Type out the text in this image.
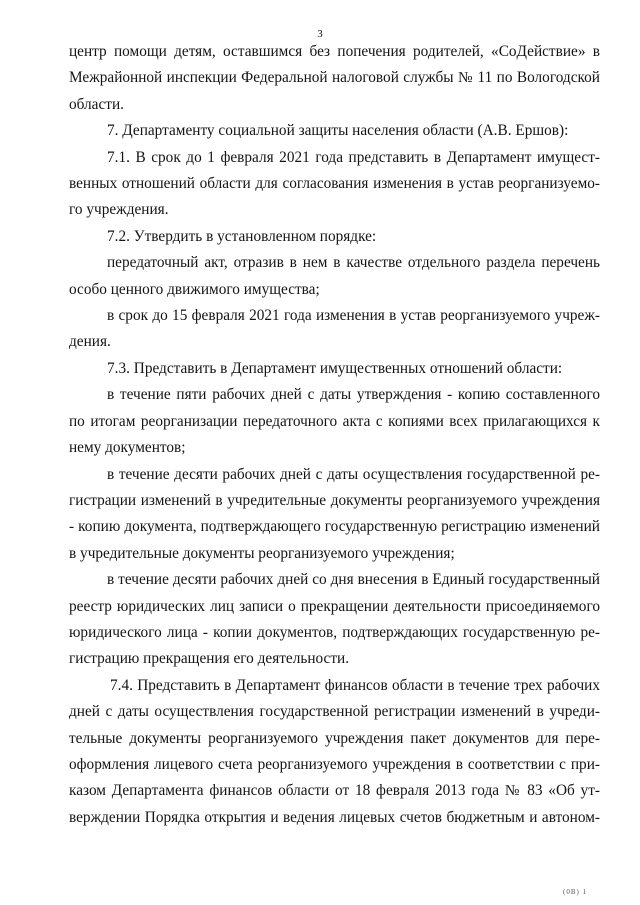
3
центр помощи детям, оставшимся без попечения родителей, «СоДействие» в
Межрайонной инспекции Федеральной налоговой службы № 11 по Вологодской
области.
7. Департаменту социальной защиты населения области (А.В. Ершов):
7.1. В срок до 1 февраля 2021 года представить в Департамент имущест-
венных отношений области для согласования изменения в устав реорганизуемо-
го учреждения.
7.2. Утвердить в установленном порядке:
передаточный акт, отразив в нем в качестве отдельного раздела перечень
особо ценного движимого имущества;
в срок до 15 февраля 2021 года изменения в устав реорганизуемого учреж-
дения.
7.3. Представить в Департамент имущественных отношений области:
в течение пяти рабочих дней с даты утверждения - копию составленного
по итогам реорганизации передаточного акта с копиями всех прилагающихся к
нему документов;
в течение десяти рабочих дней с даты осуществления государственной ре-
гистрации изменений в учредительные документы реорганизуемого учреждения
- копию документа, подтверждающего государственную регистрацию изменений
в учредительные документы реорганизуемого учреждения;
в течение десяти рабочих дней со дня внесения в Единый государственный
реестр юридических лиц записи о прекращении деятельности присоединяемого
юридического лица - копии документов, подтверждающих государственную ре-
гистрацию прекращения его деятельности.
7.4. Представить в Департамент финансов области в течение трех рабочих
дней с даты осуществления государственной регистрации изменений в учреди-
тельные документы реорганизуемого учреждения пакет документов для пере-
оформления лицевого счета реорганизуемого учреждения в соответствии с при-
казом Департамента финансов области от 18 февраля 2013 года № 83 «Об ут-
верждении Порядка открытия и ведения лицевых счетов бюджетным и автоном-
(0В) 1
